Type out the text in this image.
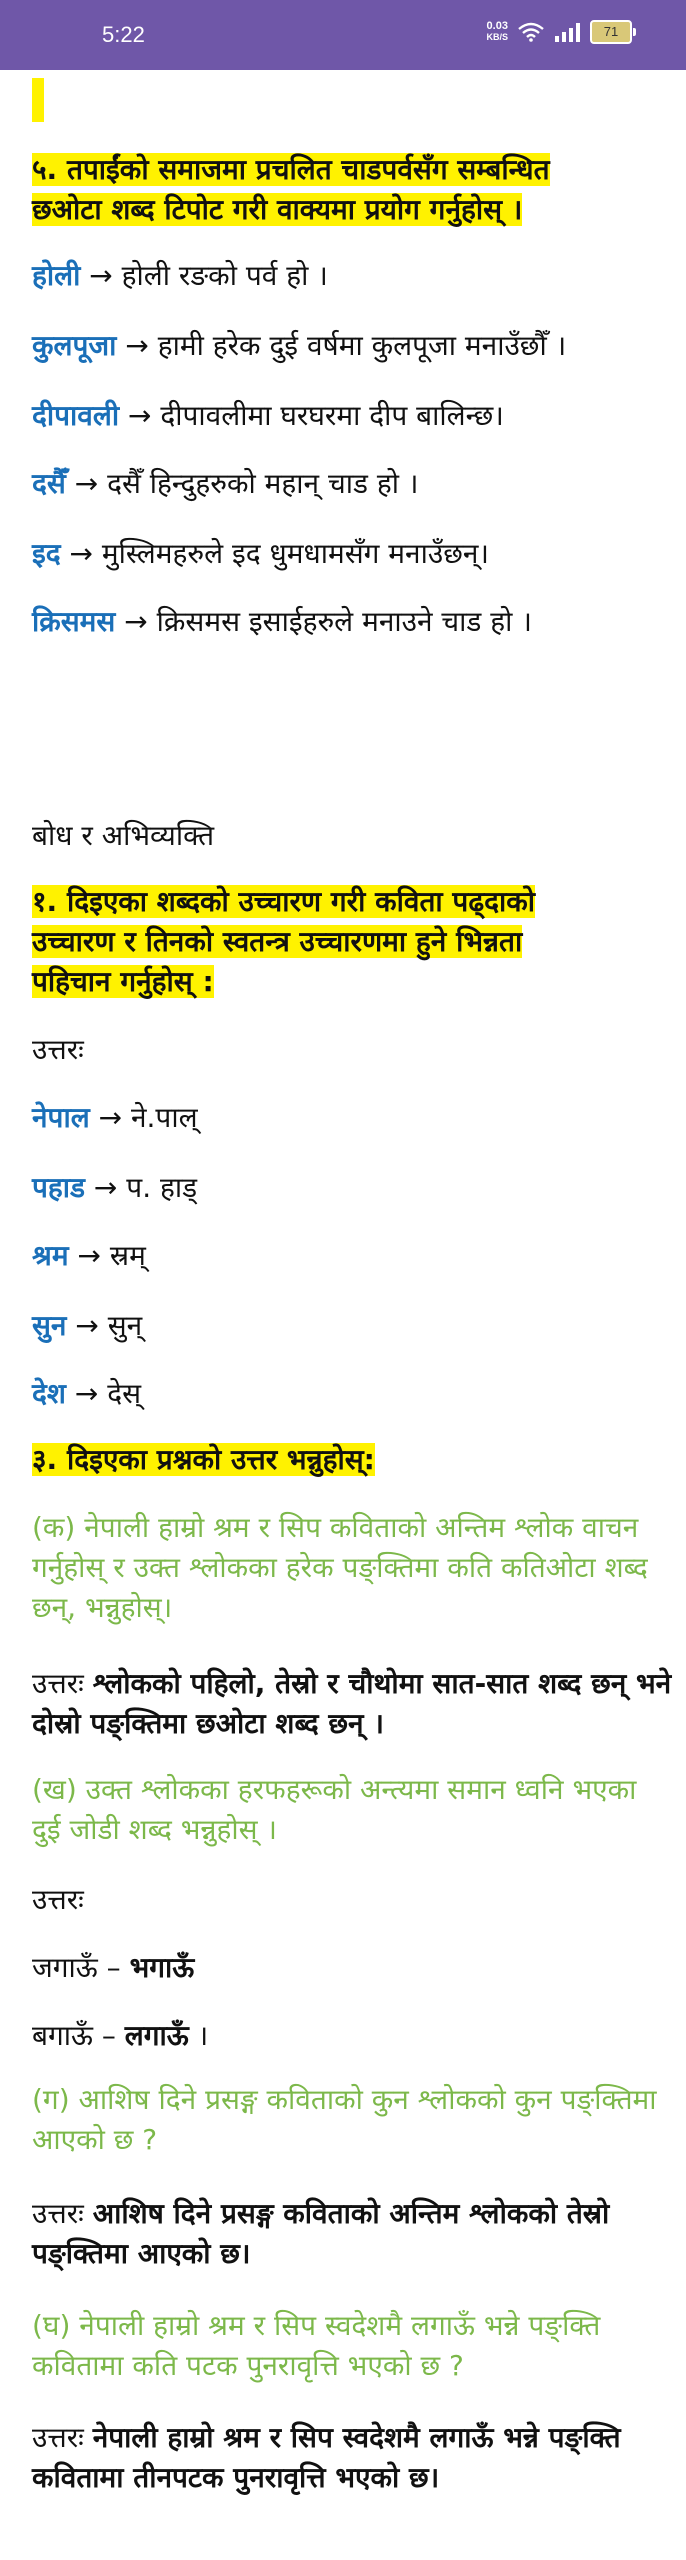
5:22	0.03
KB/S	71
५. तपाईंको समाजमा प्रचलित चाडपर्वसँग सम्बन्धित
छओटा शब्द टिपोट गरी वाक्यमा प्रयोग गर्नुहोस् ।
होली → होली रङको पर्व हो ।
कुलपूजा → हामी हरेक दुई वर्षमा कुलपूजा मनाउँछौँ ।
दीपावली → दीपावलीमा घरघरमा दीप बालिन्छ।
दसैँ → दसैँ हिन्दुहरुको महान् चाड हो ।
इद → मुस्लिमहरुले इद धुमधामसँग मनाउँछन्।
क्रिसमस → क्रिसमस इसाईहरुले मनाउने चाड हो ।
बोध र अभिव्यक्ति
१. दिइएका शब्दको उच्चारण गरी कविता पढ्दाको
उच्चारण र तिनको स्वतन्त्र उच्चारणमा हुने भिन्नता
पहिचान गर्नुहोस् :
उत्तरः
नेपाल → ने.पाल्
पहाड → प. हाड्
श्रम → स्रम्
सुन → सुन्
देश → देस्
३. दिइएका प्रश्नको उत्तर भन्नुहोस्:
(क) नेपाली हाम्रो श्रम र सिप कविताको अन्तिम श्लोक वाचन गर्नुहोस् र उक्त श्लोकका हरेक पङ्क्तिमा कति कतिओटा शब्द छन्, भन्नुहोस्।
उत्तरः श्लोकको पहिलो, तेस्रो र चौथोमा सात-सात शब्द छन् भने दोस्रो पङ्क्तिमा छओटा शब्द छन् ।
(ख) उक्त श्लोकका हरफहरूको अन्त्यमा समान ध्वनि भएका दुई जोडी शब्द भन्नुहोस् ।
उत्तरः
जगाऊँ – भगाऊँ
बगाऊँ – लगाऊँ ।
(ग) आशिष दिने प्रसङ्ग कविताको कुन श्लोकको कुन पङ्क्तिमा आएको छ ?
उत्तरः आशिष दिने प्रसङ्ग कविताको अन्तिम श्लोकको तेस्रो पङ्क्तिमा आएको छ।
(घ) नेपाली हाम्रो श्रम र सिप स्वदेशमै लगाऊँ भन्ने पङ्क्ति कवितामा कति पटक पुनरावृत्ति भएको छ ?
उत्तरः नेपाली हाम्रो श्रम र सिप स्वदेशमै लगाऊँ भन्ने पङ्क्ति कवितामा तीनपटक पुनरावृत्ति भएको छ।
